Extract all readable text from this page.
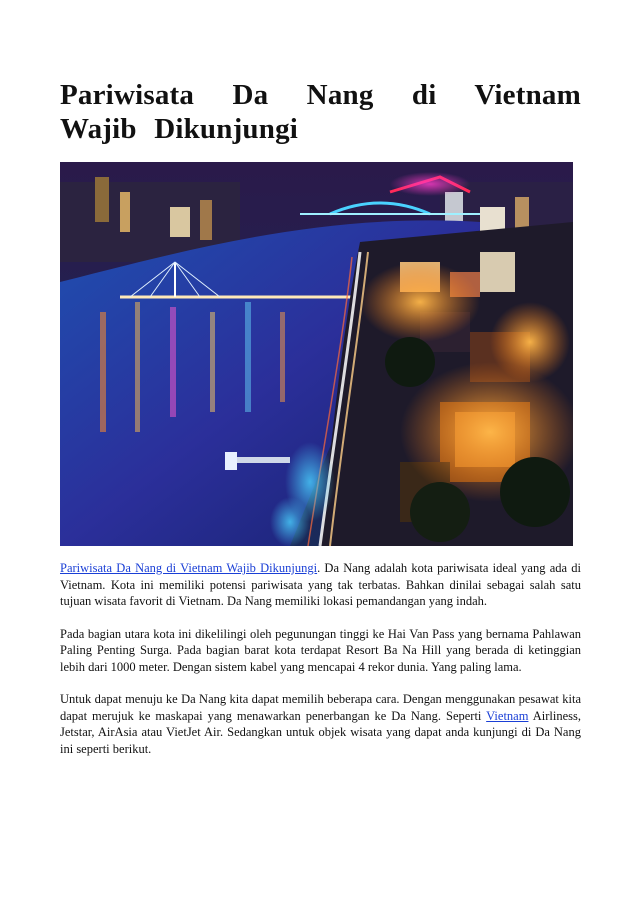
Pariwisata Da Nang di Vietnam Wajib Dikunjungi

Pariwisata Da Nang di Vietnam Wajib Dikunjungi. Da Nang adalah kota pariwisata ideal yang ada di Vietnam. Kota ini memiliki potensi pariwisata yang tak terbatas. Bahkan dinilai sebagai salah satu tujuan wisata favorit di Vietnam. Da Nang memiliki lokasi pemandangan yang indah.

Pada bagian utara kota ini dikelilingi oleh pegunungan tinggi ke Hai Van Pass yang bernama Pahlawan Paling Penting Surga. Pada bagian barat kota terdapat Resort Ba Na Hill yang berada di ketinggian lebih dari 1000 meter. Dengan sistem kabel yang mencapai 4 rekor dunia. Yang paling lama.

Untuk dapat menuju ke Da Nang kita dapat memilih beberapa cara. Dengan menggunakan pesawat kita dapat merujuk ke maskapai yang menawarkan penerbangan ke Da Nang. Seperti Vietnam Airliness, Jetstar, AirAsia atau VietJet Air. Sedangkan untuk objek wisata yang dapat anda kunjungi di Da Nang ini seperti berikut.
